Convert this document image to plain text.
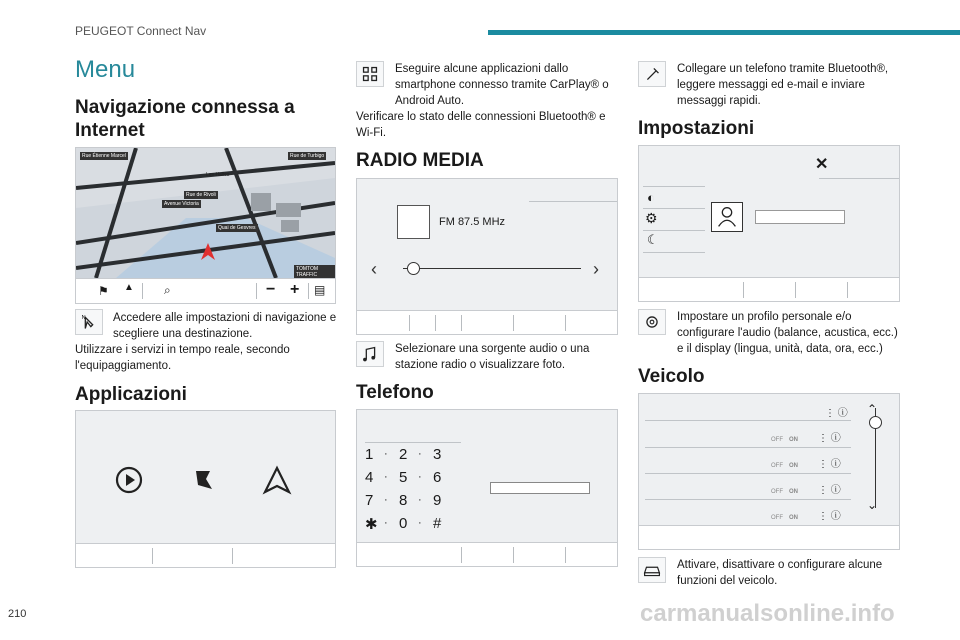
PEUGEOT Connect Nav
Menu
Navigazione connessa a Internet
Rue Étienne Marcel	Rue de Turbigo
Les Halles
Rue de Rivoli
Avenue Victoria
Quai de Gesvres
TOMTOM TRAFFIC
⚑ ▲	⌕	− + ▤
N Accedere alle impostazioni di navigazione e scegliere una destinazione.
Utilizzare i servizi in tempo reale, secondo l'equipaggiamento.
Applicazioni
Eseguire alcune applicazioni dallo smartphone connesso tramite CarPlay® o Android Auto.
Verificare lo stato delle connessioni Bluetooth® e Wi-Fi.
RADIO MEDIA
FM 87.5 MHz
‹	›
Selezionare una sorgente audio o una stazione radio o visualizzare foto.
Telefono
1 · 2 · 3
4 · 5 · 6
7 · 8 · 9
✱ · 0 · #
Collegare un telefono tramite Bluetooth®, leggere messaggi ed e-mail e inviare messaggi rapidi.
Impostazioni
✕
◐
⚙
☾
Impostare un profilo personale e/o configurare l'audio (balance, acustica, ecc.) e il display (lingua, unità, data, ora, ecc.)
Veicolo
⋮ ⓘ
OFF ON ⋮ ⓘ
OFF ON ⋮ ⓘ
OFF ON ⋮ ⓘ
OFF ON ⋮ ⓘ
⌃
⌄
Attivare, disattivare o configurare alcune funzioni del veicolo.
210	carmanualsonline.info
